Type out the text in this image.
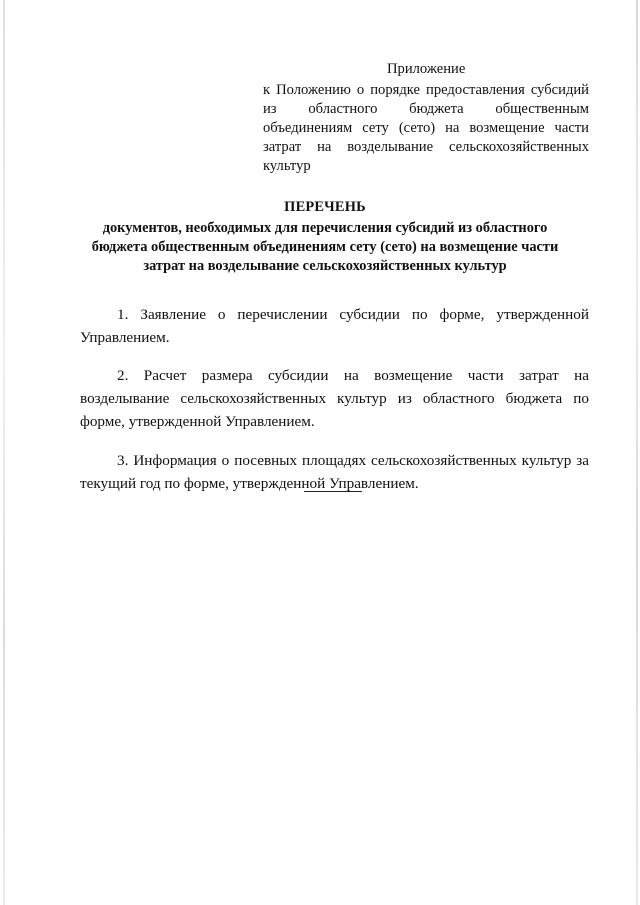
Приложение
к Положению о порядке предоставления субсидий из областного бюджета общественным объединениям сету (сето) на возмещение части затрат на возделывание сельскохозяйственных культур
ПЕРЕЧЕНЬ
документов, необходимых для перечисления субсидий из областного бюджета общественным объединениям сету (сето) на возмещение части затрат на возделывание сельскохозяйственных культур

1. Заявление о перечислении субсидии по форме, утвержденной Управлением.

2. Расчет размера субсидии на возмещение части затрат на возделывание сельскохозяйственных культур из областного бюджета по форме, утвержденной Управлением.

3. Информация о посевных площадях сельскохозяйственных культур за текущий год по форме, утвержденной Управлением.
